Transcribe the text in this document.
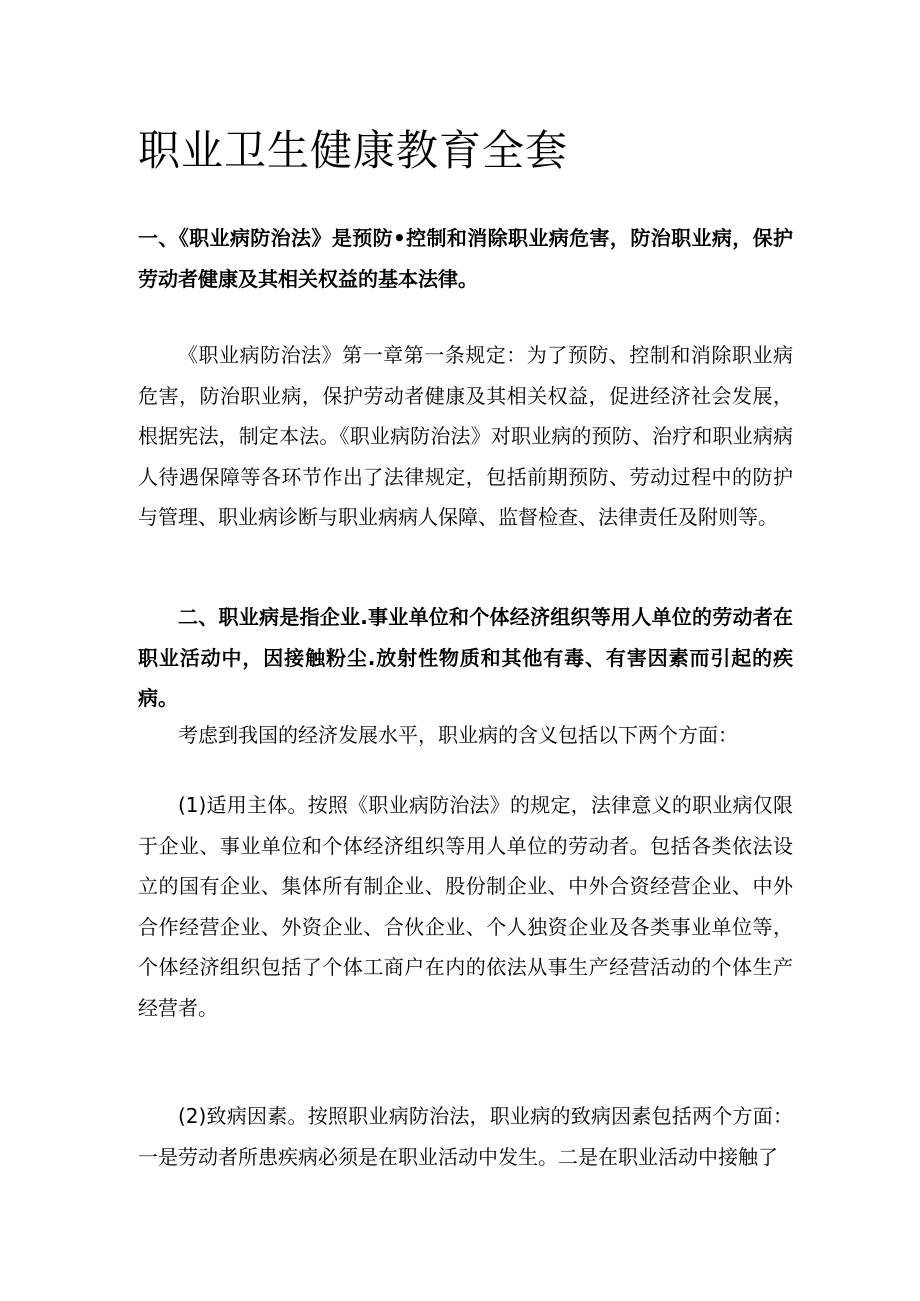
职业卫生健康教育全套

一、《职业病防治法》是预防•控制和消除职业病危害，防治职业病，保护劳动者健康及其相关权益的基本法律。

《职业病防治法》第一章第一条规定：为了预防、控制和消除职业病危害，防治职业病，保护劳动者健康及其相关权益，促进经济社会发展，根据宪法，制定本法。《职业病防治法》对职业病的预防、治疗和职业病病人待遇保障等各环节作出了法律规定，包括前期预防、劳动过程中的防护与管理、职业病诊断与职业病病人保障、监督检查、法律责任及附则等。

二、职业病是指企业.事业单位和个体经济组织等用人单位的劳动者在职业活动中，因接触粉尘.放射性物质和其他有毒、有害因素而引起的疾病。

考虑到我国的经济发展水平，职业病的含义包括以下两个方面：

(1)适用主体。按照《职业病防治法》的规定，法律意义的职业病仅限于企业、事业单位和个体经济组织等用人单位的劳动者。包括各类依法设立的国有企业、集体所有制企业、股份制企业、中外合资经营企业、中外合作经营企业、外资企业、合伙企业、个人独资企业及各类事业单位等，个体经济组织包括了个体工商户在内的依法从事生产经营活动的个体生产经营者。

(2)致病因素。按照职业病防治法，职业病的致病因素包括两个方面：一是劳动者所患疾病必须是在职业活动中发生。二是在职业活动中接触了
